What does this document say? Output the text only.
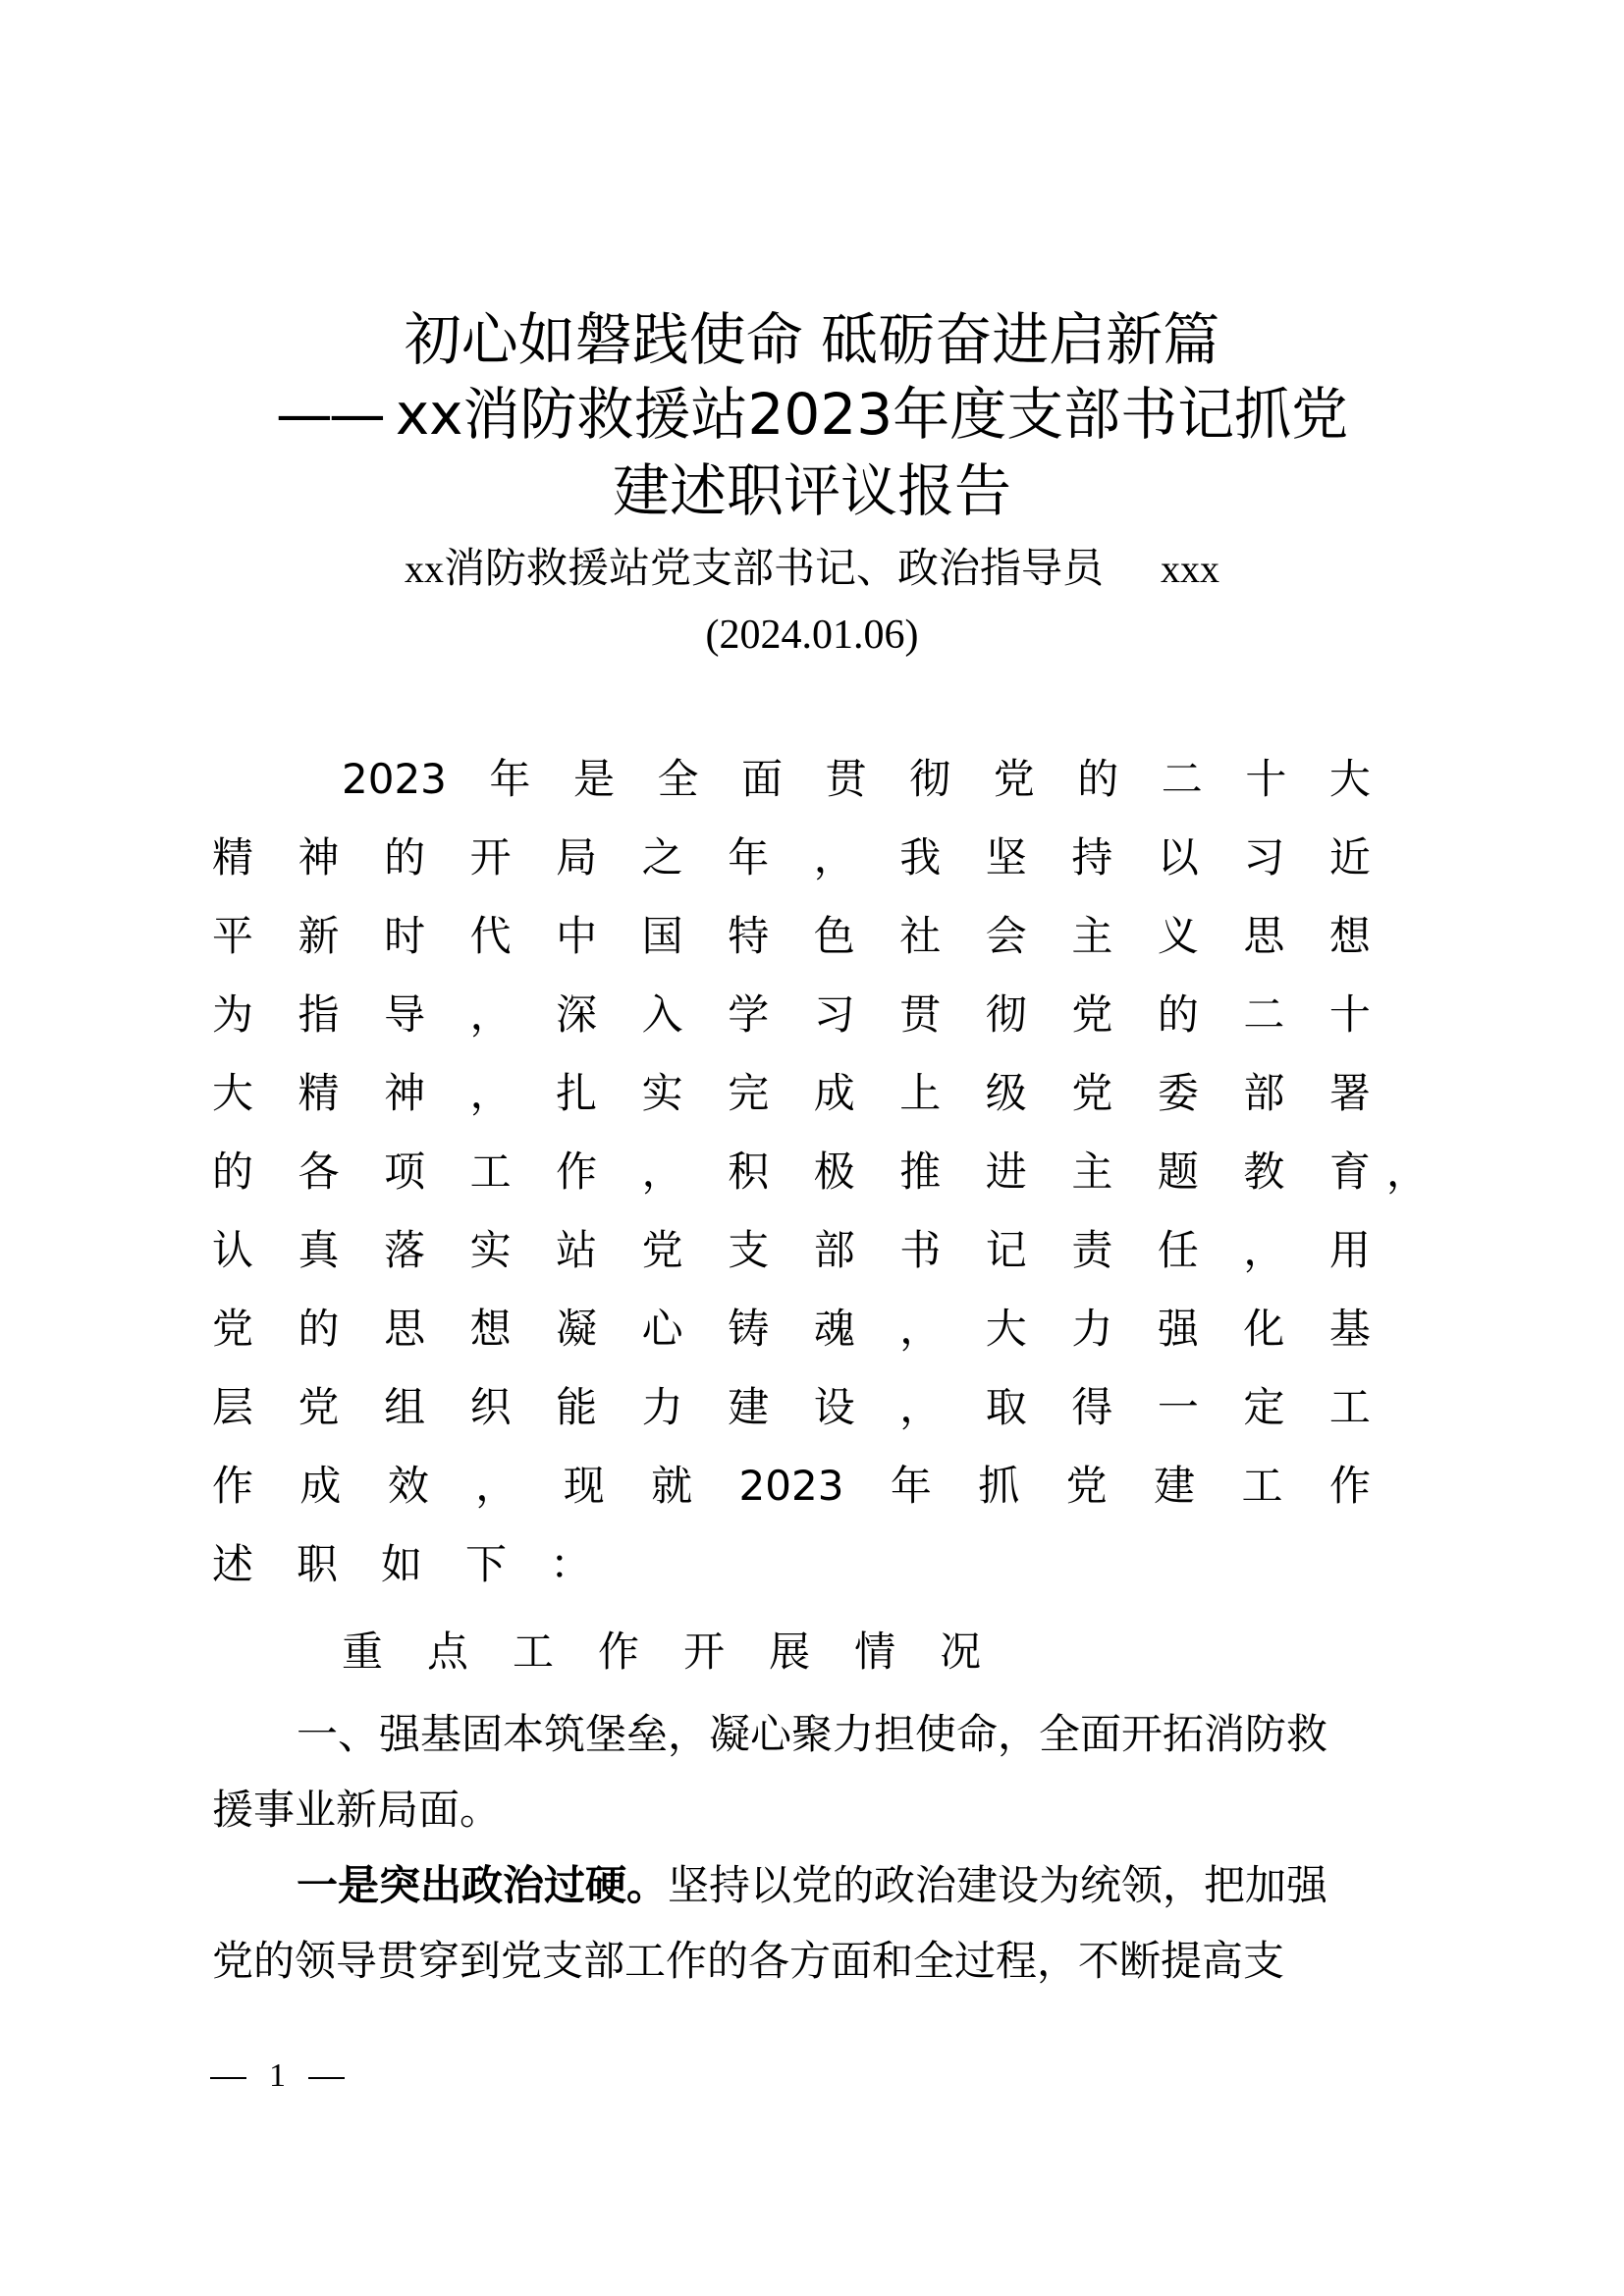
初心如磐践使命 砥砺奋进启新篇
—— xx消防救援站2023年度支部书记抓党
建述职评议报告
xx消防救援站党支部书记、政治指导员 xxx
(2024.01.06)
2023 年 是 全 面 贯 彻 党 的 二 十 大
精 神 的 开 局 之 年 ， 我 坚 持 以 习 近
平 新 时 代 中 国 特 色 社 会 主 义 思 想
为 指 导 ， 深 入 学 习 贯 彻 党 的 二 十
大 精 神 ， 扎 实 完 成 上 级 党 委 部 署
的 各 项 工 作 ， 积 极 推 进 主 题 教 育 ，
认 真 落 实 站 党 支 部 书 记 责 任 ， 用
党 的 思 想 凝 心 铸 魂 ， 大 力 强 化 基
层 党 组 织 能 力 建 设 ， 取 得 一 定 工
作 成 效 ， 现 就 2023 年 抓 党 建 工 作
述 职 如 下 ：
重 点 工 作 开 展 情 况
一、强基固本筑堡垒，凝心聚力担使命，全面开拓消防救
援事业新局面。
一是突出政治过硬。坚持以党的政治建设为统领，把加强
党的领导贯穿到党支部工作的各方面和全过程，不断提高支
1
